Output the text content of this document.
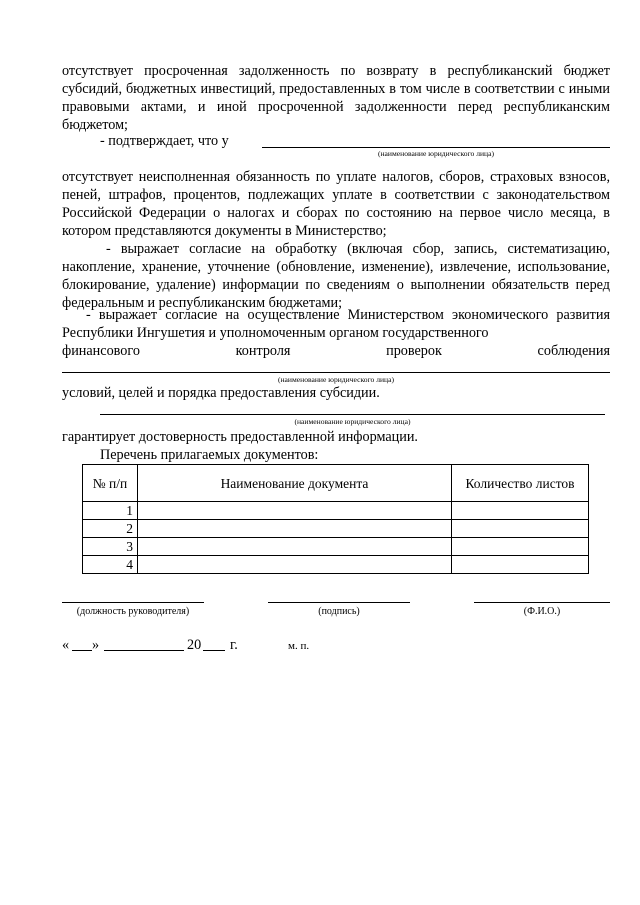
отсутствует просроченная задолженность по возврату в республиканский бюджет субсидий, бюджетных инвестиций, предоставленных в том числе в соответствии с иными правовыми актами, и иной просроченной задолженности перед республиканским бюджетом;

- подтверждает, что у
(наименование юридического лица)

отсутствует неисполненная обязанность по уплате налогов, сборов, страховых взносов, пеней, штрафов, процентов, подлежащих уплате в соответствии с законодательством Российской Федерации о налогах и сборах по состоянию на первое число месяца, в котором представляются документы в Министерство;

- выражает согласие на обработку (включая сбор, запись, систематизацию, накопление, хранение, уточнение (обновление, изменение), извлечение, использование, блокирование, удаление) информации по сведениям о выполнении обязательств перед федеральным и республиканским бюджетами;

- выражает согласие на осуществление Министерством экономического развития Республики Ингушетия и уполномоченным органом государственного

финансового контроля проверок соблюдения

(наименование юридического лица)
условий, целей и порядка предоставления субсидии.
(наименование юридического лица)
гарантирует достоверность предоставленной информации.
Перечень прилагаемых документов:
№ п/п	Наименование документа	Количество листов
1		
2		
3		
4		
(должность руководителя)	(подпись)	(Ф.И.О.)
« »	20 г.	м. п.
